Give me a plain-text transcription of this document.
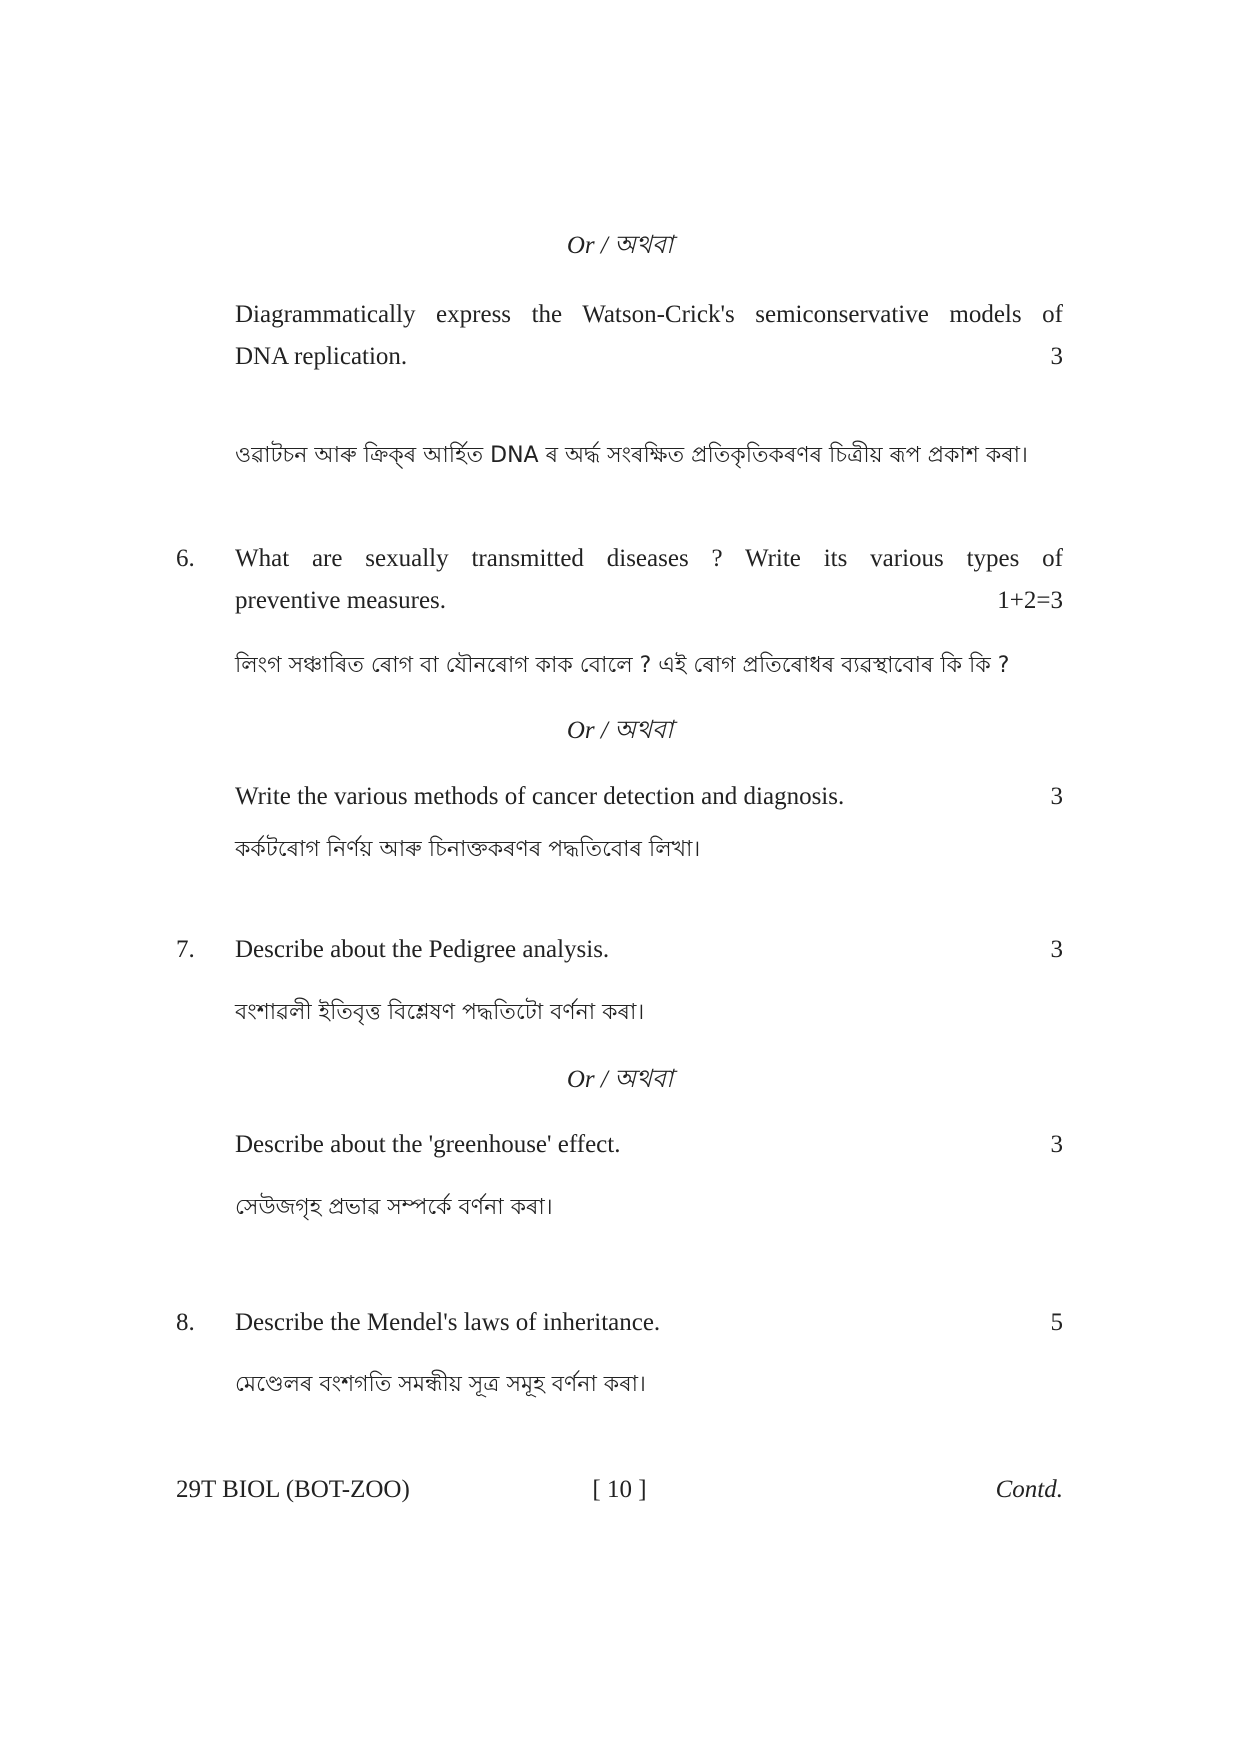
Or / অথবা
Diagrammatically express the Watson-Crick's semiconservative models of
DNA replication.	3
ওৱাটচন আৰু ক্ৰিক্‌ৰ আৰ্হিত DNA ৰ অৰ্দ্ধ সংৰক্ষিত প্ৰতিকৃতিকৰণৰ চিত্ৰীয় ৰূপ প্ৰকাশ কৰা।
6. What are sexually transmitted diseases ? Write its various types of
preventive measures.	1+2=3
লিংগ সঞ্চাৰিত ৰোগ বা যৌনৰোগ কাক বোলে ? এই ৰোগ প্ৰতিৰোধৰ ব্যৱস্থাবোৰ কি কি ?
Or / অথবা
Write the various methods of cancer detection and diagnosis.	3
কৰ্কটৰোগ নিৰ্ণয় আৰু চিনাক্তকৰণৰ পদ্ধতিবোৰ লিখা।
7. Describe about the Pedigree analysis.	3
বংশাৱলী ইতিবৃত্ত বিশ্লেষণ পদ্ধতিটো বৰ্ণনা কৰা।
Or / অথবা
Describe about the 'greenhouse' effect.	3
সেউজগৃহ প্ৰভাৱ সম্পৰ্কে বৰ্ণনা কৰা।
8. Describe the Mendel's laws of inheritance.	5
মেণ্ডেলৰ বংশগতি সমন্ধীয় সূত্ৰ সমূহ বৰ্ণনা কৰা।
29T BIOL (BOT-ZOO)	[ 10 ]	Contd.
